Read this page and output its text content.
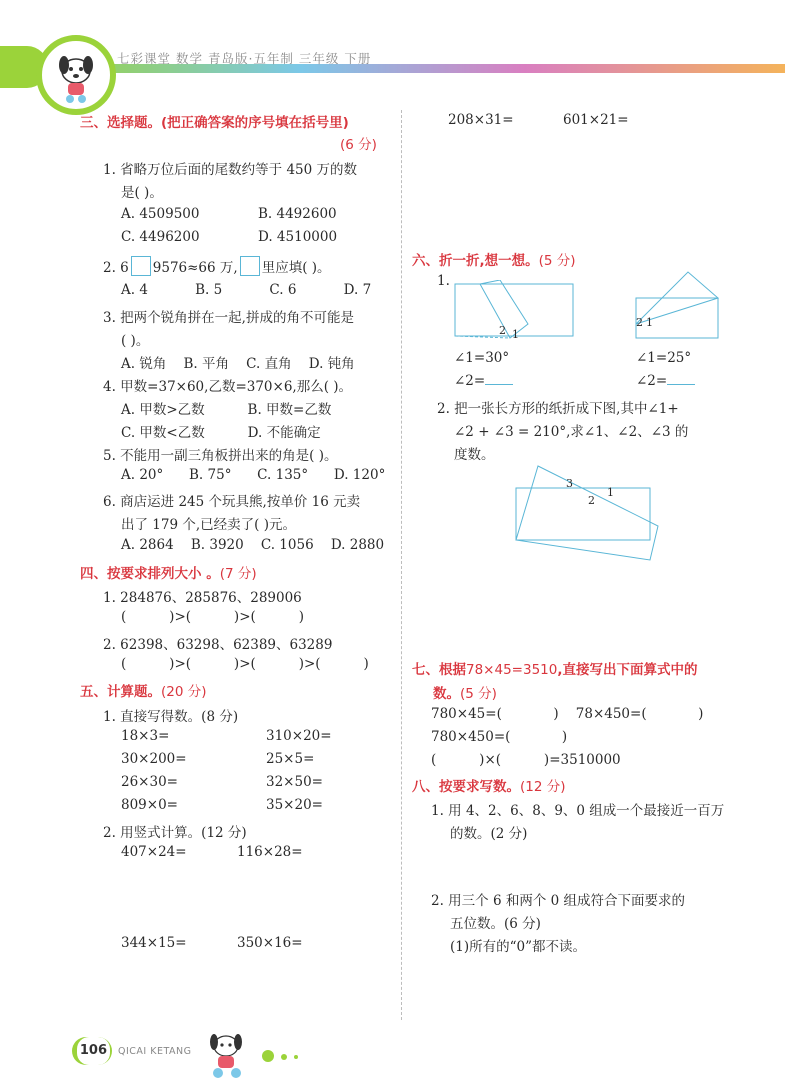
七彩课堂 数学 青岛版·五年制 三年级 下册
三、选择题。(把正确答案的序号填在括号里)
(6 分)
1. 省略万位后面的尾数约等于 450 万的数
是( )。
A. 4509500	B. 4492600
C. 4496200	D. 4510000
2. 6 9576≈66 万, 里应填( )。
A. 4           B. 5           C. 6           D. 7
3. 把两个锐角拼在一起,拼成的角不可能是
( )。
A. 锐角    B. 平角    C. 直角    D. 钝角
4. 甲数=37×60,乙数=370×6,那么( )。
A. 甲数>乙数          B. 甲数=乙数
C. 甲数<乙数          D. 不能确定
5. 不能用一副三角板拼出来的角是( )。
A. 20°      B. 75°      C. 135°      D. 120°
6. 商店运进 245 个玩具熊,按单价 16 元卖
出了 179 个,已经卖了( )元。
A. 2864    B. 3920    C. 1056    D. 2880
四、按要求排列大小 。(7 分)
1. 284876、285876、289006
(          )>(          )>(          )
2. 62398、63298、62389、63289
(          )>(          )>(          )>(          )
五、计算题。(20 分)
1. 直接写得数。(8 分)
18×3=	310×20=
30×200=	25×5=
26×30=	32×50=
809×0=	35×20=
2. 用竖式计算。(12 分)
407×24=	116×28=
344×15=	350×16=
208×31=	601×21=
六、折一折,想一想。(5 分)
1.
2 1
2 1
∠1=30°
∠2=
∠1=25°
∠2=
2. 把一张长方形的纸折成下图,其中∠1+
∠2 + ∠3 = 210°,求∠1、∠2、∠3 的
度数。
3
1
2
七、根据78×45=3510,直接写出下面算式中的
数。(5 分)
780×45=(            )    78×450=(            )
780×450=(            )
(          )×(          )=3510000
八、按要求写数。(12 分)
1. 用 4、2、6、8、9、0 组成一个最接近一百万
的数。(2 分)
2. 用三个 6 和两个 0 组成符合下面要求的
五位数。(6 分)
(1)所有的“0”都不读。
106	QICAI KETANG
